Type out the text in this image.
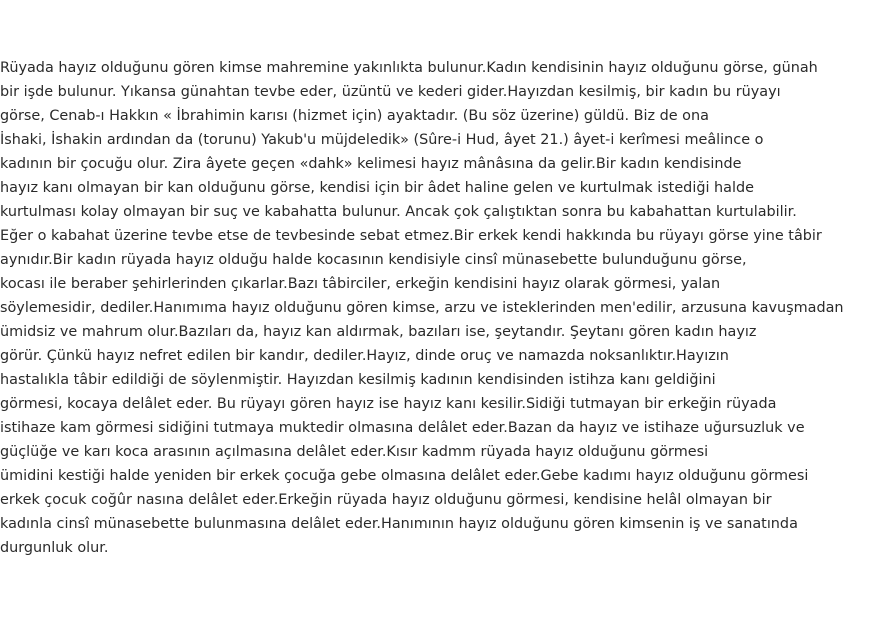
Rüyada hayız olduğunu gören kimse mahremine yakınlıkta bulunur.Kadın kendisinin hayız olduğunu görse, günah
bir işde bulunur. Yıkansa günahtan tevbe eder, üzüntü ve kederi gider.Hayızdan kesilmiş, bir kadın bu rüyayı
görse, Cenab-ı Hakkın « İbrahimin karısı (hizmet için) ayaktadır. (Bu söz üzerine) güldü. Biz de ona
İshaki, İshakin ardından da (torunu) Yakub'u müjdeledik» (Sûre-i Hud, âyet 21.) âyet-i kerîmesi meâlince o
kadının bir çocuğu olur. Zira âyete geçen «dahk» kelimesi hayız mânâsına da gelir.Bir kadın kendisinde
hayız kanı olmayan bir kan olduğunu görse, kendisi için bir âdet haline gelen ve kurtulmak istediği halde
kurtulması kolay olmayan bir suç ve kabahatta bulunur. Ancak çok çalıştıktan sonra bu kabahattan kurtulabilir.
Eğer o kabahat üzerine tevbe etse de tevbesinde sebat etmez.Bir erkek kendi hakkında bu rüyayı görse yine tâbir
aynıdır.Bir kadın rüyada hayız olduğu halde kocasının kendisiyle cinsî münasebette bulunduğunu görse,
kocası ile beraber şehirlerinden çıkarlar.Bazı tâbirciler, erkeğin kendisini hayız olarak görmesi, yalan
söylemesidir, dediler.Hanımıma hayız olduğunu gören kimse, arzu ve isteklerinden men'edilir, arzusuna kavuşmadan
ümidsiz ve mahrum olur.Bazıları da, hayız kan aldırmak, bazıları ise, şeytandır. Şeytanı gören kadın hayız
görür. Çünkü hayız nefret edilen bir kandır, dediler.Hayız, dinde oruç ve namazda noksanlıktır.Hayızın
hastalıkla tâbir edildiği de söylenmiştir. Hayızdan kesilmiş kadının kendisinden istihza kanı geldiğini
görmesi, kocaya delâlet eder. Bu rüyayı gören hayız ise hayız kanı kesilir.Sidiği tutmayan bir erkeğin rüyada
istihaze kam görmesi sidiğini tutmaya muktedir olmasına delâlet eder.Bazan da hayız ve istihaze uğursuzluk ve
güçlüğe ve karı koca arasının açılmasına delâlet eder.Kısır kadmm rüyada hayız olduğunu görmesi
ümidini kestiği halde yeniden bir erkek çocuğa gebe olmasına delâlet eder.Gebe kadımı hayız olduğunu görmesi
erkek çocuk coğûr nasına delâlet eder.Erkeğin rüyada hayız olduğunu görmesi, kendisine helâl olmayan bir
kadınla cinsî münasebette bulunmasına delâlet eder.Hanımının hayız olduğunu gören kimsenin iş ve sanatında
durgunluk olur.
